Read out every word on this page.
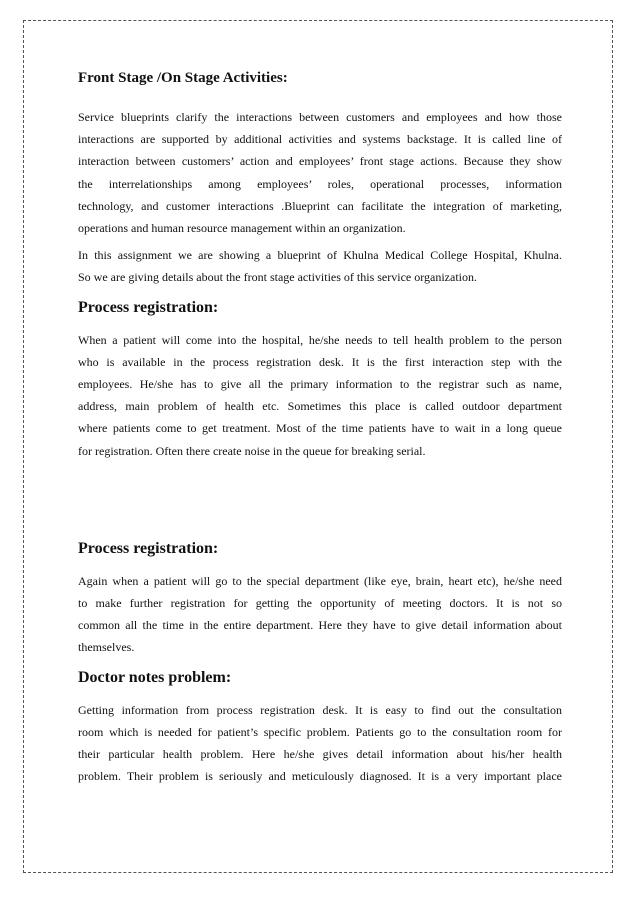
Front Stage /On Stage Activities:

Service blueprints clarify the interactions between customers and employees and how those

interactions are supported by additional activities and systems backstage. It is called line of

interaction between customers’ action and employees’ front stage actions. Because they show

the interrelationships among employees’ roles, operational processes, information

technology, and customer interactions .Blueprint can facilitate the integration of marketing,

operations and human resource management within an organization.

In this assignment we are showing a blueprint of Khulna Medical College Hospital, Khulna.

So we are giving details about the front stage activities of this service organization.

Process registration:

When a patient will come into the hospital, he/she needs to tell health problem to the person

who is available in the process registration desk. It is the first interaction step with the

employees. He/she has to give all the primary information to the registrar such as name,

address, main problem of health etc. Sometimes this place is called outdoor department

where patients come to get treatment. Most of the time patients have to wait in a long queue

for registration. Often there create noise in the queue for breaking serial.

Process registration:

Again when a patient will go to the special department (like eye, brain, heart etc), he/she need

to make further registration for getting the opportunity of meeting doctors. It is not so

common all the time in the entire department. Here they have to give detail information about

themselves.

Doctor notes problem:

Getting information from process registration desk. It is easy to find out the consultation

room which is needed for patient’s specific problem. Patients go to the consultation room for

their particular health problem. Here he/she gives detail information about his/her health

problem. Their problem is seriously and meticulously diagnosed. It is a very important place
